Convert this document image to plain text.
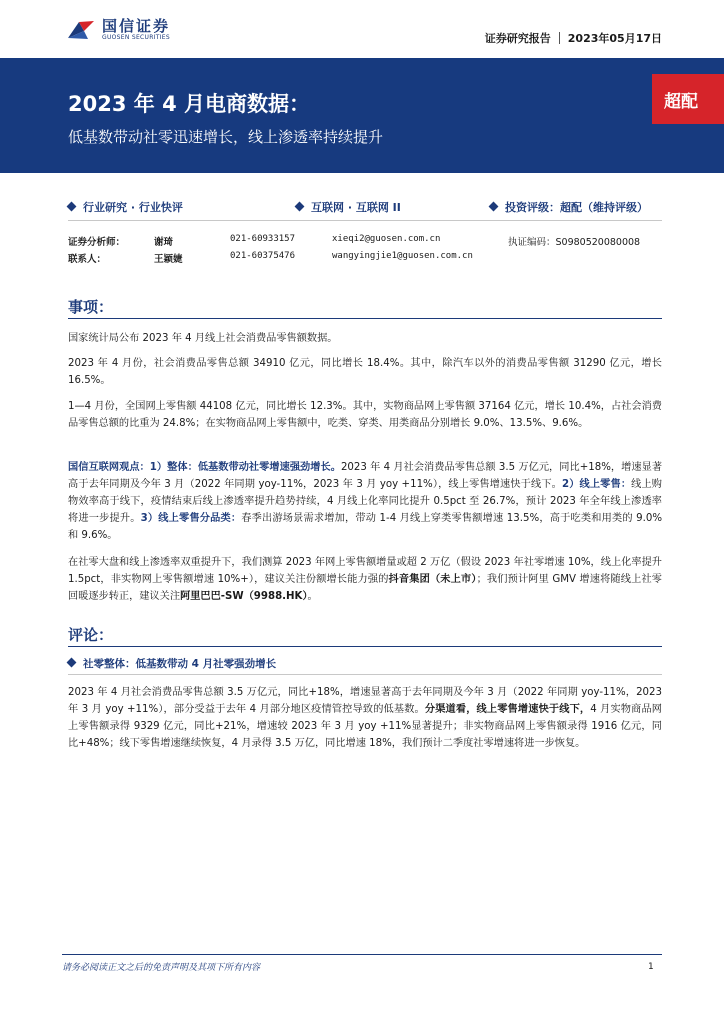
国信证券
GUOSEN SECURITIES	证券研究报告 2023年05月17日
2023 年 4 月电商数据：
低基数带动社零迅速增长，线上渗透率持续提升
超配
行业研究 · 行业快评	互联网 · 互联网 II	投资评级：超配（维持评级）
证券分析师：	谢琦	021-60933157	xieqi2@guosen.com.cn	执证编码：S0980520080008
联系人：	王颖婕	021-60375476	wangyingjie1@guosen.com.cn
事项：

国家统计局公布 2023 年 4 月线上社会消费品零售额数据。

2023 年 4 月份，社会消费品零售总额 34910 亿元，同比增长 18.4%。其中，除汽车以外的消费品零售额 31290 亿元，增长 16.5%。

1—4 月份，全国网上零售额 44108 亿元，同比增长 12.3%。其中，实物商品网上零售额 37164 亿元，增长 10.4%，占社会消费品零售总额的比重为 24.8%；在实物商品网上零售额中，吃类、穿类、用类商品分别增长 9.0%、13.5%、9.6%。

国信互联网观点：1）整体：低基数带动社零增速强劲增长。2023 年 4 月社会消费品零售总额 3.5 万亿元，同比+18%，增速显著高于去年同期及今年 3 月（2022 年同期 yoy-11%，2023 年 3 月 yoy +11%），线上零售增速快于线下。2）线上零售：线上购物效率高于线下，疫情结束后线上渗透率提升趋势持续，4 月线上化率同比提升 0.5pct 至 26.7%，预计 2023 年全年线上渗透率将进一步提升。3）线上零售分品类：春季出游场景需求增加，带动 1-4 月线上穿类零售额增速 13.5%，高于吃类和用类的 9.0%和 9.6%。

在社零大盘和线上渗透率双重提升下，我们测算 2023 年网上零售额增量或超 2 万亿（假设 2023 年社零增速 10%，线上化率提升 1.5pct，非实物网上零售额增速 10%+），建议关注份额增长能力强的抖音集团（未上市）；我们预计阿里 GMV 增速将随线上社零回暖逐步转正，建议关注阿里巴巴-SW（9988.HK）。

评论：
社零整体：低基数带动 4 月社零强劲增长

2023 年 4 月社会消费品零售总额 3.5 万亿元，同比+18%，增速显著高于去年同期及今年 3 月（2022 年同期 yoy-11%，2023 年 3 月 yoy +11%），部分受益于去年 4 月部分地区疫情管控导致的低基数。分渠道看，线上零售增速快于线下，4 月实物商品网上零售额录得 9329 亿元，同比+21%，增速较 2023 年 3 月 yoy +11%显著提升；非实物商品网上零售额录得 1916 亿元，同比+48%；线下零售增速继续恢复，4 月录得 3.5 万亿，同比增速 18%，我们预计二季度社零增速将进一步恢复。

请务必阅读正文之后的免责声明及其项下所有内容	1
